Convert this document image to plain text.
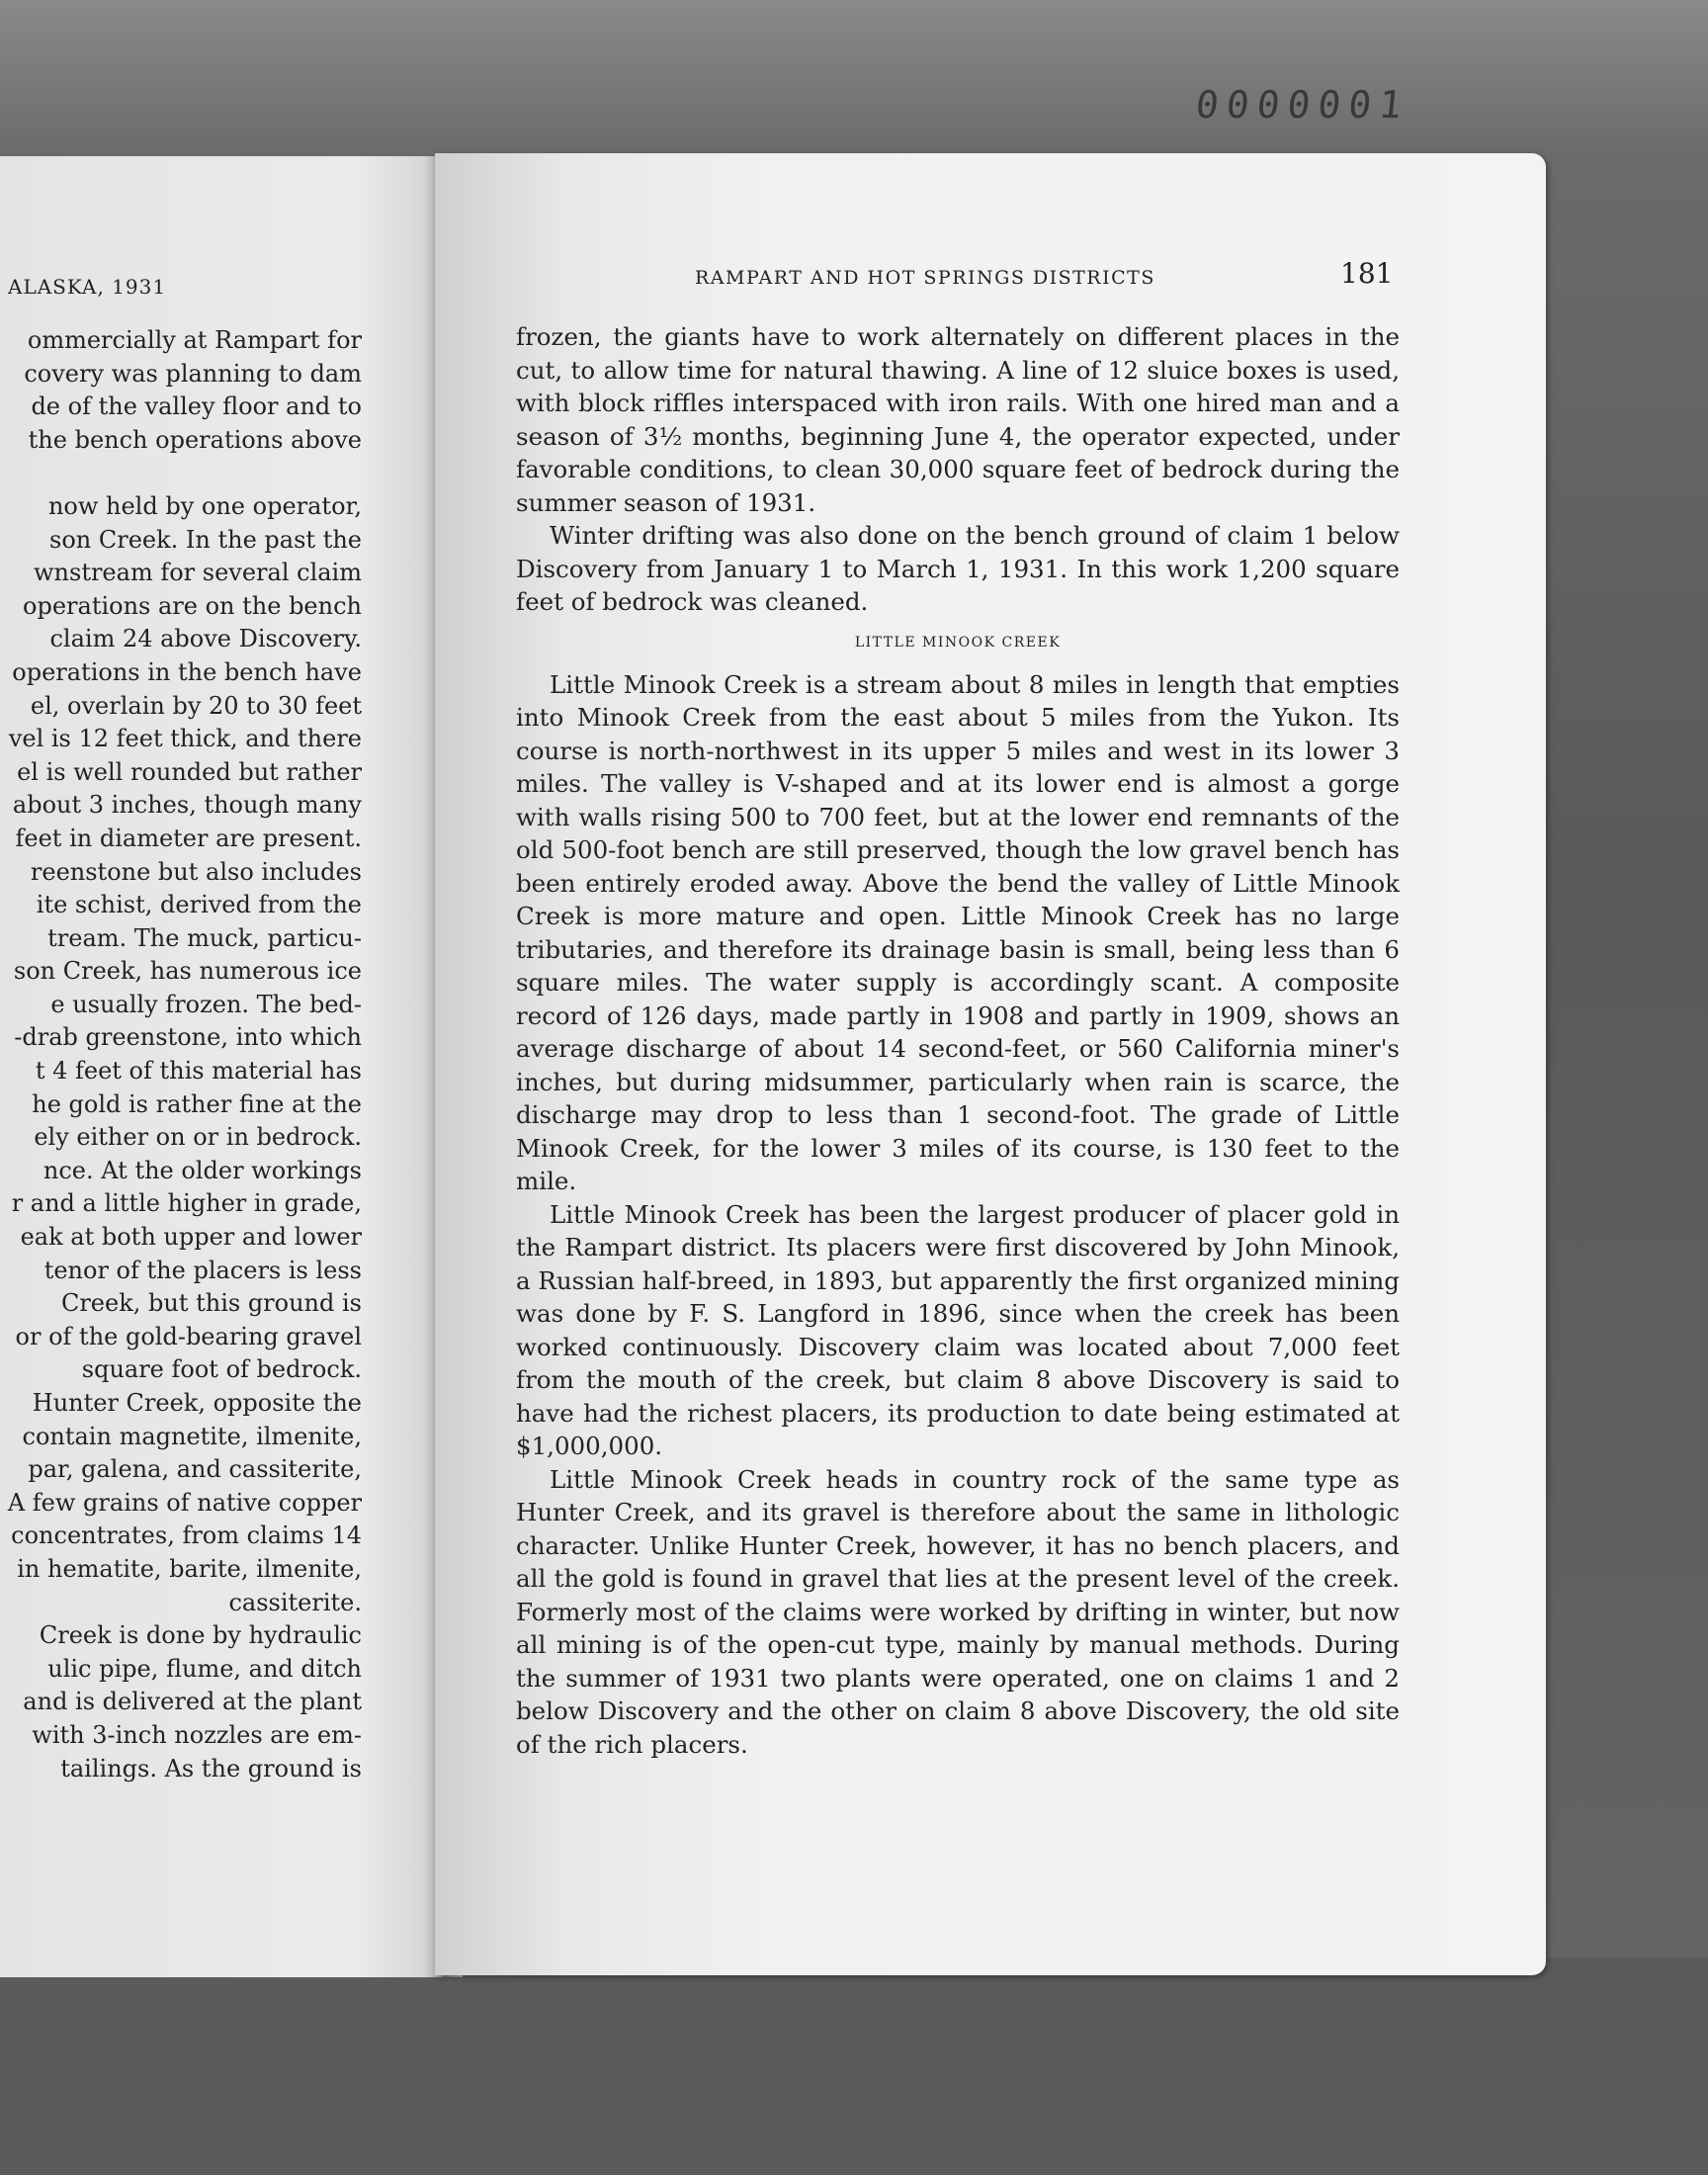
0000001
ALASKA, 1931
ommercially at Rampart for
covery was planning to dam
de of the valley floor and to
the bench operations above

now held by one operator,
son Creek. In the past the
wnstream for several claim
operations are on the bench
claim 24 above Discovery.
operations in the bench have
el, overlain by 20 to 30 feet
vel is 12 feet thick, and there
el is well rounded but rather
about 3 inches, though many
feet in diameter are present.
reenstone but also includes
ite schist, derived from the
tream. The muck, particu-
son Creek, has numerous ice
e usually frozen. The bed-
-drab greenstone, into which
t 4 feet of this material has
he gold is rather fine at the
ely either on or in bedrock.
nce. At the older workings
r and a little higher in grade,
eak at both upper and lower
tenor of the placers is less
Creek, but this ground is
or of the gold-bearing gravel
square foot of bedrock.
Hunter Creek, opposite the
contain magnetite, ilmenite,
par, galena, and cassiterite,
A few grains of native copper
concentrates, from claims 14
in hematite, barite, ilmenite,
cassiterite.
Creek is done by hydraulic
ulic pipe, flume, and ditch
and is delivered at the plant
with 3-inch nozzles are em-
tailings. As the ground is
RAMPART AND HOT SPRINGS DISTRICTS	181

frozen, the giants have to work alternately on different places in the cut, to allow time for natural thawing. A line of 12 sluice boxes is used, with block riffles interspaced with iron rails. With one hired man and a season of 3½ months, beginning June 4, the operator expected, under favorable conditions, to clean 30,000 square feet of bedrock during the summer season of 1931.

Winter drifting was also done on the bench ground of claim 1 below Discovery from January 1 to March 1, 1931. In this work 1,200 square feet of bedrock was cleaned.

LITTLE MINOOK CREEK

Little Minook Creek is a stream about 8 miles in length that empties into Minook Creek from the east about 5 miles from the Yukon. Its course is north-northwest in its upper 5 miles and west in its lower 3 miles. The valley is V-shaped and at its lower end is almost a gorge with walls rising 500 to 700 feet, but at the lower end remnants of the old 500-foot bench are still preserved, though the low gravel bench has been entirely eroded away. Above the bend the valley of Little Minook Creek is more mature and open. Little Minook Creek has no large tributaries, and therefore its drainage basin is small, being less than 6 square miles. The water supply is accordingly scant. A composite record of 126 days, made partly in 1908 and partly in 1909, shows an average discharge of about 14 second-feet, or 560 California miner's inches, but during midsummer, particularly when rain is scarce, the discharge may drop to less than 1 second-foot. The grade of Little Minook Creek, for the lower 3 miles of its course, is 130 feet to the mile.

Little Minook Creek has been the largest producer of placer gold in the Rampart district. Its placers were first discovered by John Minook, a Russian half-breed, in 1893, but apparently the first organized mining was done by F. S. Langford in 1896, since when the creek has been worked continuously. Discovery claim was located about 7,000 feet from the mouth of the creek, but claim 8 above Discovery is said to have had the richest placers, its production to date being estimated at $1,000,000.

Little Minook Creek heads in country rock of the same type as Hunter Creek, and its gravel is therefore about the same in lithologic character. Unlike Hunter Creek, however, it has no bench placers, and all the gold is found in gravel that lies at the present level of the creek. Formerly most of the claims were worked by drifting in winter, but now all mining is of the open-cut type, mainly by manual methods. During the summer of 1931 two plants were operated, one on claims 1 and 2 below Discovery and the other on claim 8 above Discovery, the old site of the rich placers.
